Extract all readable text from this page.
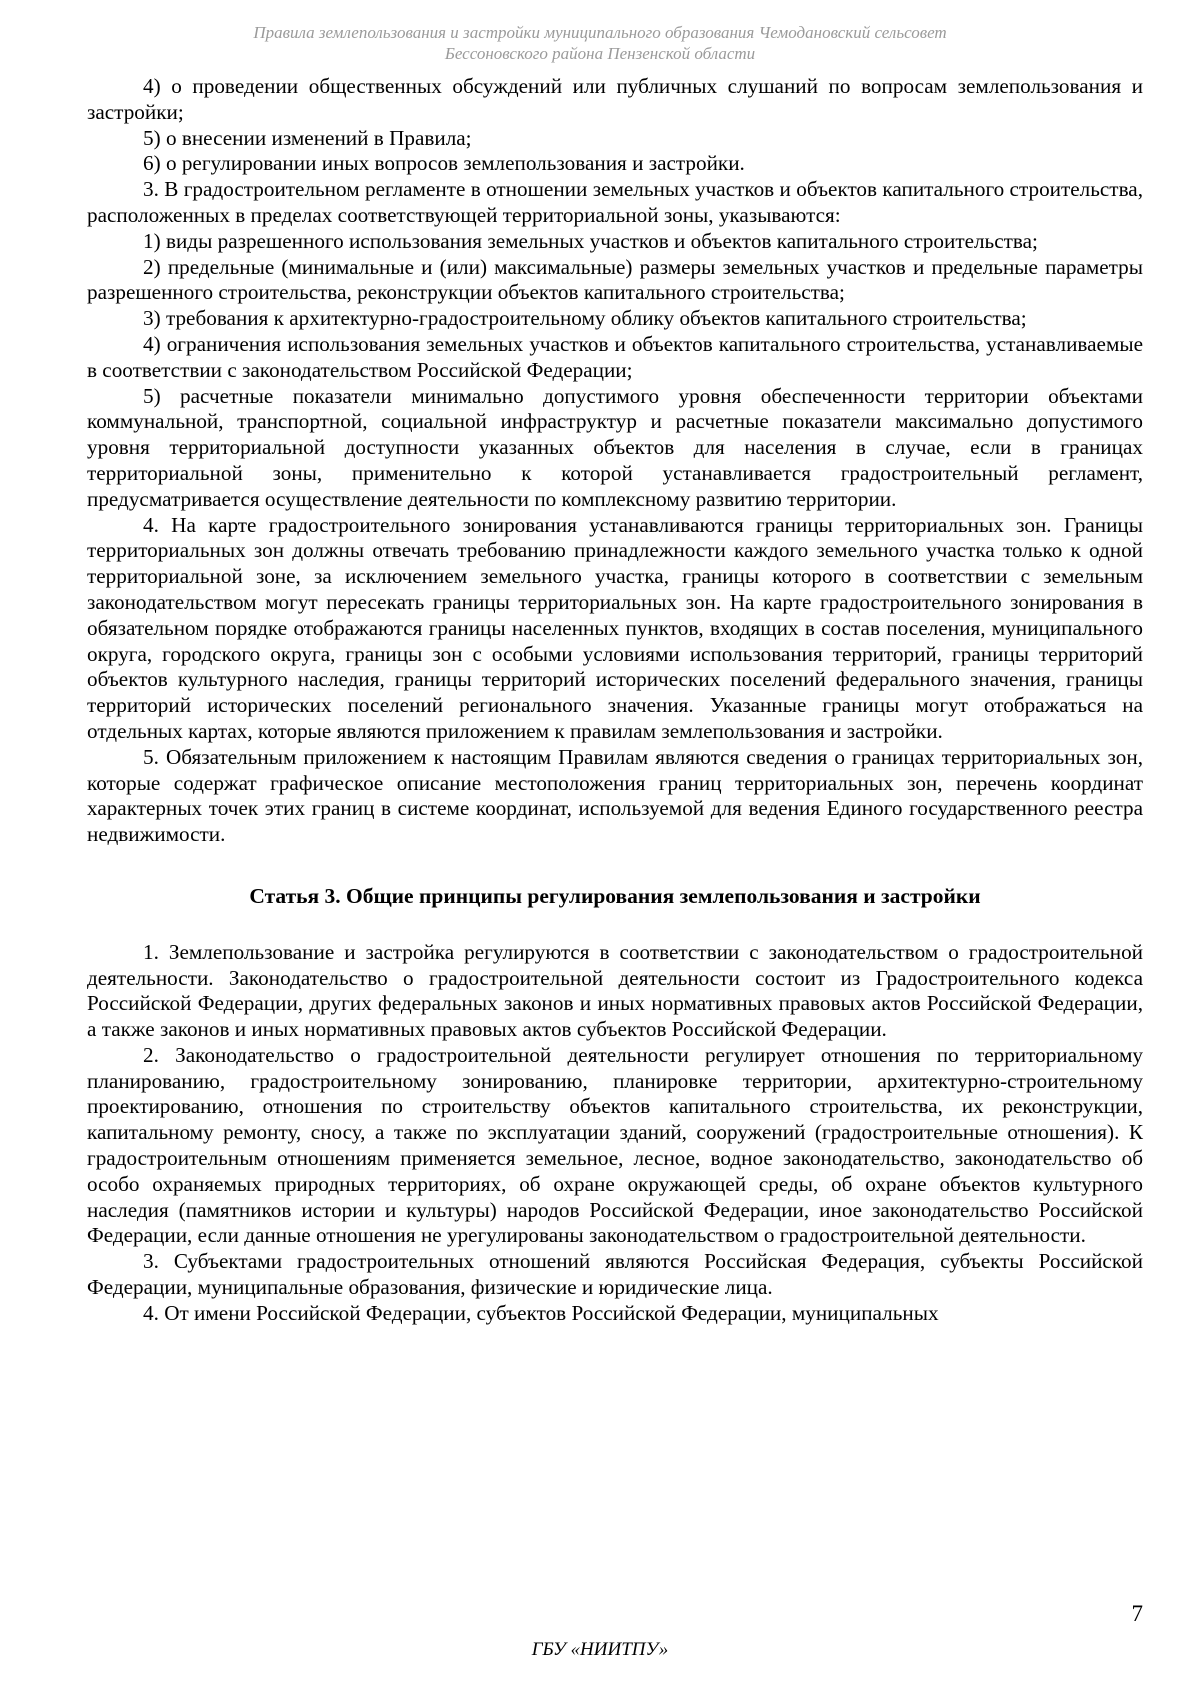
Правила землепользования и застройки муниципального образования Чемодановский сельсовет
Бессоновского района Пензенской области

4) о проведении общественных обсуждений или публичных слушаний по вопросам землепользования и застройки;

5) о внесении изменений в Правила;

6) о регулировании иных вопросов землепользования и застройки.

3. В градостроительном регламенте в отношении земельных участков и объектов капитального строительства, расположенных в пределах соответствующей территориальной зоны, указываются:

1) виды разрешенного использования земельных участков и объектов капитального строительства;

2) предельные (минимальные и (или) максимальные) размеры земельных участков и предельные параметры разрешенного строительства, реконструкции объектов капитального строительства;

3) требования к архитектурно-градостроительному облику объектов капитального строительства;

4) ограничения использования земельных участков и объектов капитального строительства, устанавливаемые в соответствии с законодательством Российской Федерации;

5) расчетные показатели минимально допустимого уровня обеспеченности территории объектами коммунальной, транспортной, социальной инфраструктур и расчетные показатели максимально допустимого уровня территориальной доступности указанных объектов для населения в случае, если в границах территориальной зоны, применительно к которой устанавливается градостроительный регламент, предусматривается осуществление деятельности по комплексному развитию территории.

4. На карте градостроительного зонирования устанавливаются границы территориальных зон. Границы территориальных зон должны отвечать требованию принадлежности каждого земельного участка только к одной территориальной зоне, за исключением земельного участка, границы которого в соответствии с земельным законодательством могут пересекать границы территориальных зон. На карте градостроительного зонирования в обязательном порядке отображаются границы населенных пунктов, входящих в состав поселения, муниципального округа, городского округа, границы зон с особыми условиями использования территорий, границы территорий объектов культурного наследия, границы территорий исторических поселений федерального значения, границы территорий исторических поселений регионального значения. Указанные границы могут отображаться на отдельных картах, которые являются приложением к правилам землепользования и застройки.

5. Обязательным приложением к настоящим Правилам являются сведения о границах территориальных зон, которые содержат графическое описание местоположения границ территориальных зон, перечень координат характерных точек этих границ в системе координат, используемой для ведения Единого государственного реестра недвижимости.

Статья 3. Общие принципы регулирования землепользования и застройки

1. Землепользование и застройка регулируются в соответствии с законодательством о градостроительной деятельности. Законодательство о градостроительной деятельности состоит из Градостроительного кодекса Российской Федерации, других федеральных законов и иных нормативных правовых актов Российской Федерации, а также законов и иных нормативных правовых актов субъектов Российской Федерации.

2. Законодательство о градостроительной деятельности регулирует отношения по территориальному планированию, градостроительному зонированию, планировке территории, архитектурно-строительному проектированию, отношения по строительству объектов капитального строительства, их реконструкции, капитальному ремонту, сносу, а также по эксплуатации зданий, сооружений (градостроительные отношения). К градостроительным отношениям применяется земельное, лесное, водное законодательство, законодательство об особо охраняемых природных территориях, об охране окружающей среды, об охране объектов культурного наследия (памятников истории и культуры) народов Российской Федерации, иное законодательство Российской Федерации, если данные отношения не урегулированы законодательством о градостроительной деятельности.

3. Субъектами градостроительных отношений являются Российская Федерация, субъекты Российской Федерации, муниципальные образования, физические и юридические лица.

4. От имени Российской Федерации, субъектов Российской Федерации, муниципальных

7
ГБУ «НИИТПУ»
